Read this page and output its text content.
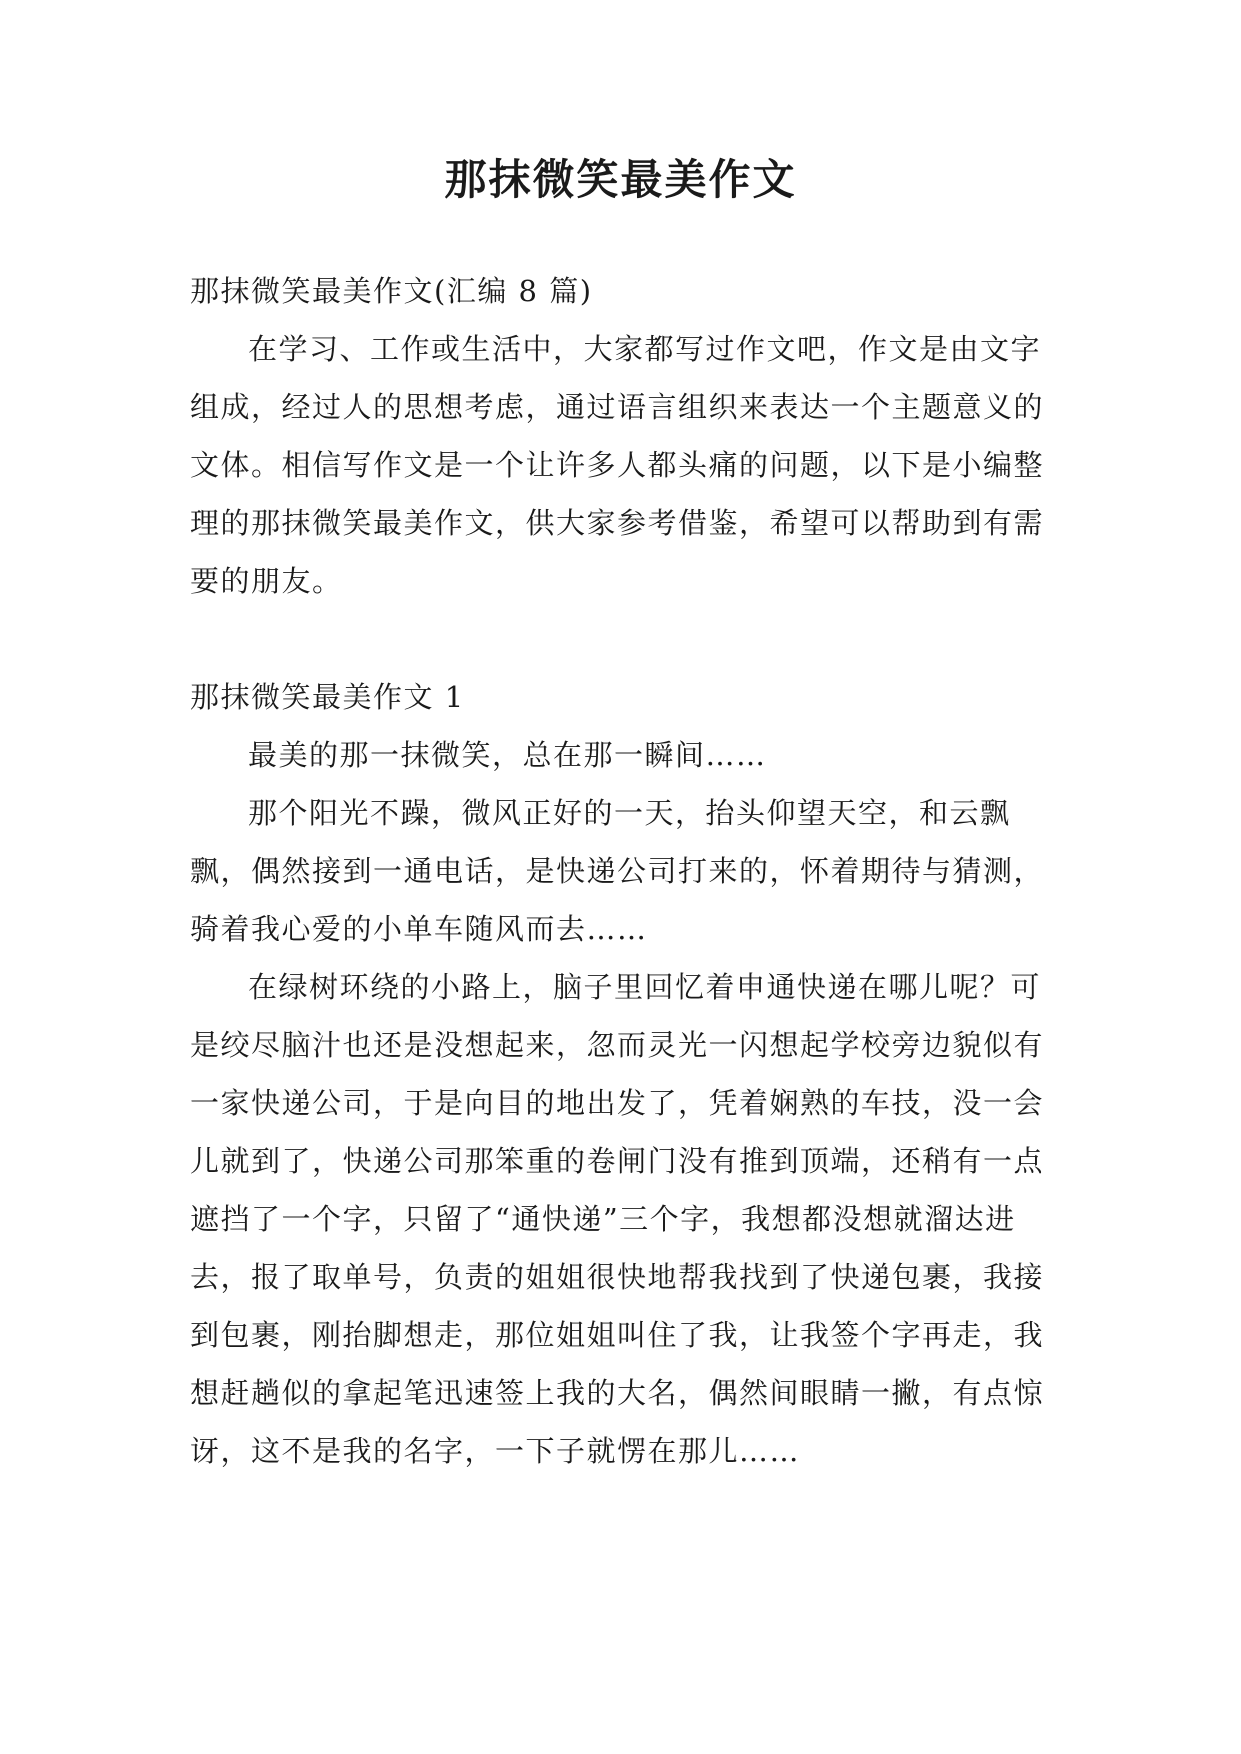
那抹微笑最美作文

那抹微笑最美作文(汇编 8 篇)

在学习、工作或生活中，大家都写过作文吧，作文是由文字组成，经过人的思想考虑，通过语言组织来表达一个主题意义的文体。相信写作文是一个让许多人都头痛的问题，以下是小编整理的那抹微笑最美作文，供大家参考借鉴，希望可以帮助到有需要的朋友。

那抹微笑最美作文 1

最美的那一抹微笑，总在那一瞬间……

那个阳光不躁，微风正好的一天，抬头仰望天空，和云飘飘，偶然接到一通电话，是快递公司打来的，怀着期待与猜测，骑着我心爱的小单车随风而去……

在绿树环绕的小路上，脑子里回忆着申通快递在哪儿呢？可是绞尽脑汁也还是没想起来，忽而灵光一闪想起学校旁边貌似有一家快递公司，于是向目的地出发了，凭着娴熟的车技，没一会儿就到了，快递公司那笨重的卷闸门没有推到顶端，还稍有一点遮挡了一个字，只留了“通快递”三个字，我想都没想就溜达进去，报了取单号，负责的姐姐很快地帮我找到了快递包裹，我接到包裹，刚抬脚想走，那位姐姐叫住了我，让我签个字再走，我想赶趟似的拿起笔迅速签上我的大名，偶然间眼睛一撇，有点惊讶，这不是我的名字，一下子就愣在那儿……
